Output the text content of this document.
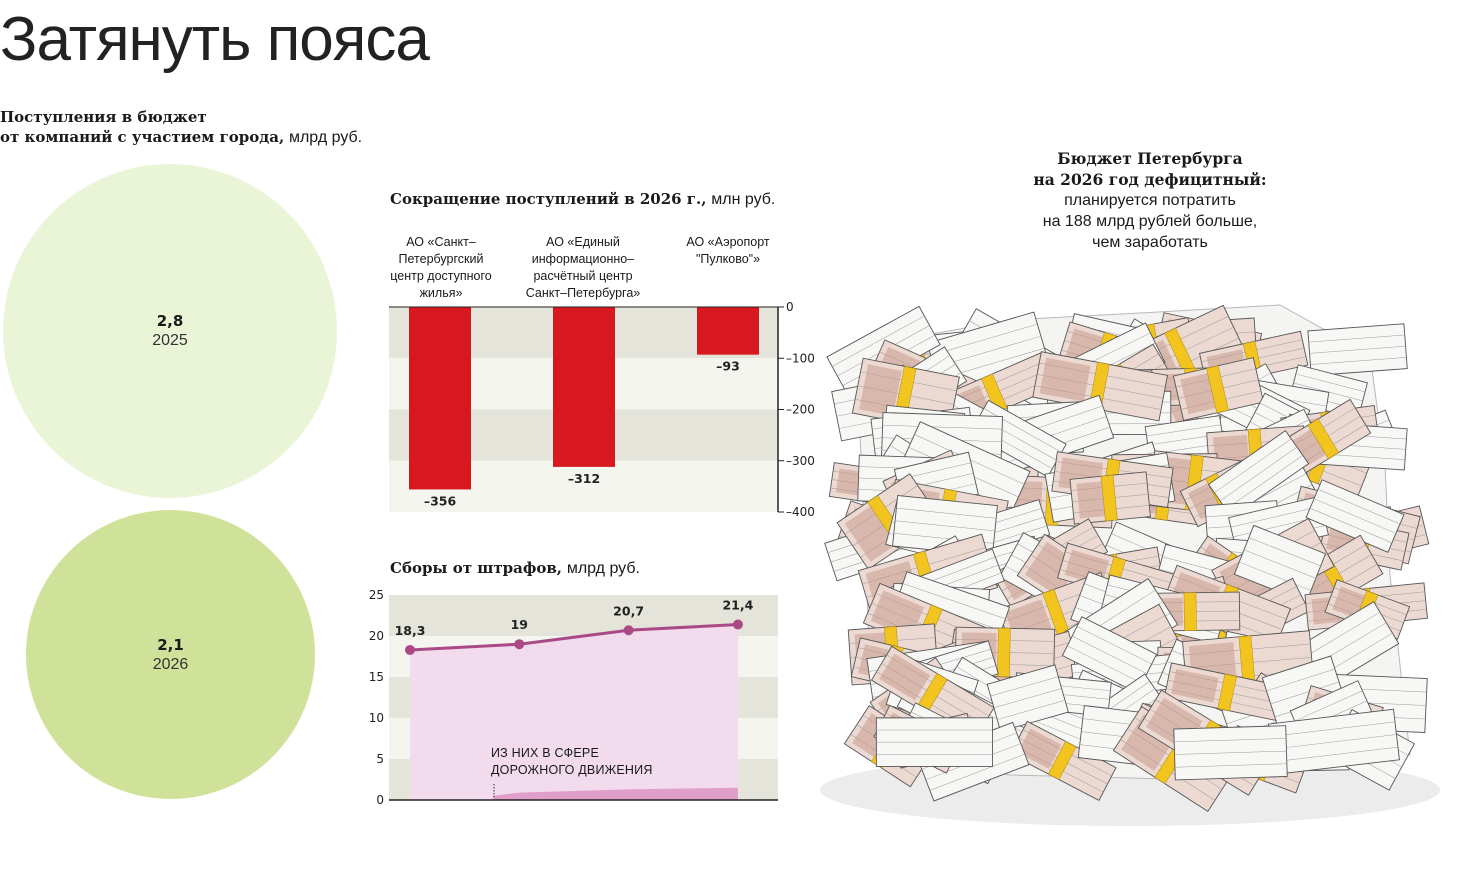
Затянуть пояса
Поступления в бюджет
от компаний с участием города, млрд руб.
2,8
2025
2,1
2026
Сокращение поступлений в 2026 г., млн руб.
АО «Санкт–
Петербургский
центр доступного
жилья»
АО «Единый
информационно–
расчётный центр
Санкт–Петербурга»
АО «Аэропорт
"Пулково"»
0
–100
–200
–300
–400
–356
–312
–93
0
5
10
15
20
25
18,3	19
20,7	21,4
Сборы от штрафов, млрд руб.
ИЗ НИХ В СФЕРЕ
ДОРОЖНОГО ДВИЖЕНИЯ
Бюджет Петербурга
на 2026 год дефицитный:
планируется потратить
на 188 млрд рублей больше,
чем заработать
